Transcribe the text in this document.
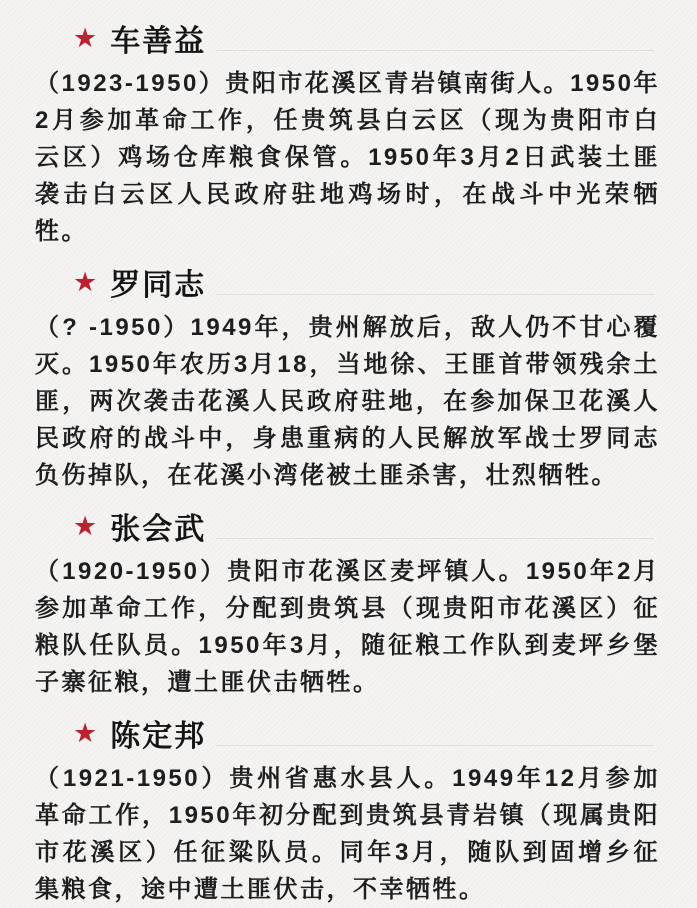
★ 车善益

（1923-1950）贵阳市花溪区青岩镇南街人。1950年2月参加革命工作，任贵筑县白云区（现为贵阳市白云区）鸡场仓库粮食保管。1950年3月2日武装土匪袭击白云区人民政府驻地鸡场时，在战斗中光荣牺牲。

★ 罗同志

（? -1950）1949年，贵州解放后，敌人仍不甘心覆灭。1950年农历3月18，当地徐、王匪首带领残余土匪，两次袭击花溪人民政府驻地，在参加保卫花溪人民政府的战斗中，身患重病的人民解放军战士罗同志负伤掉队，在花溪小湾佬被土匪杀害，壮烈牺牲。

★ 张会武

（1920-1950）贵阳市花溪区麦坪镇人。1950年2月参加革命工作，分配到贵筑县（现贵阳市花溪区）征粮队任队员。1950年3月，随征粮工作队到麦坪乡堡子寨征粮，遭土匪伏击牺牲。

★ 陈定邦

（1921-1950）贵州省惠水县人。1949年12月参加革命工作，1950年初分配到贵筑县青岩镇（现属贵阳市花溪区）任征粱队员。同年3月，随队到固增乡征集粮食，途中遭土匪伏击，不幸牺牲。
